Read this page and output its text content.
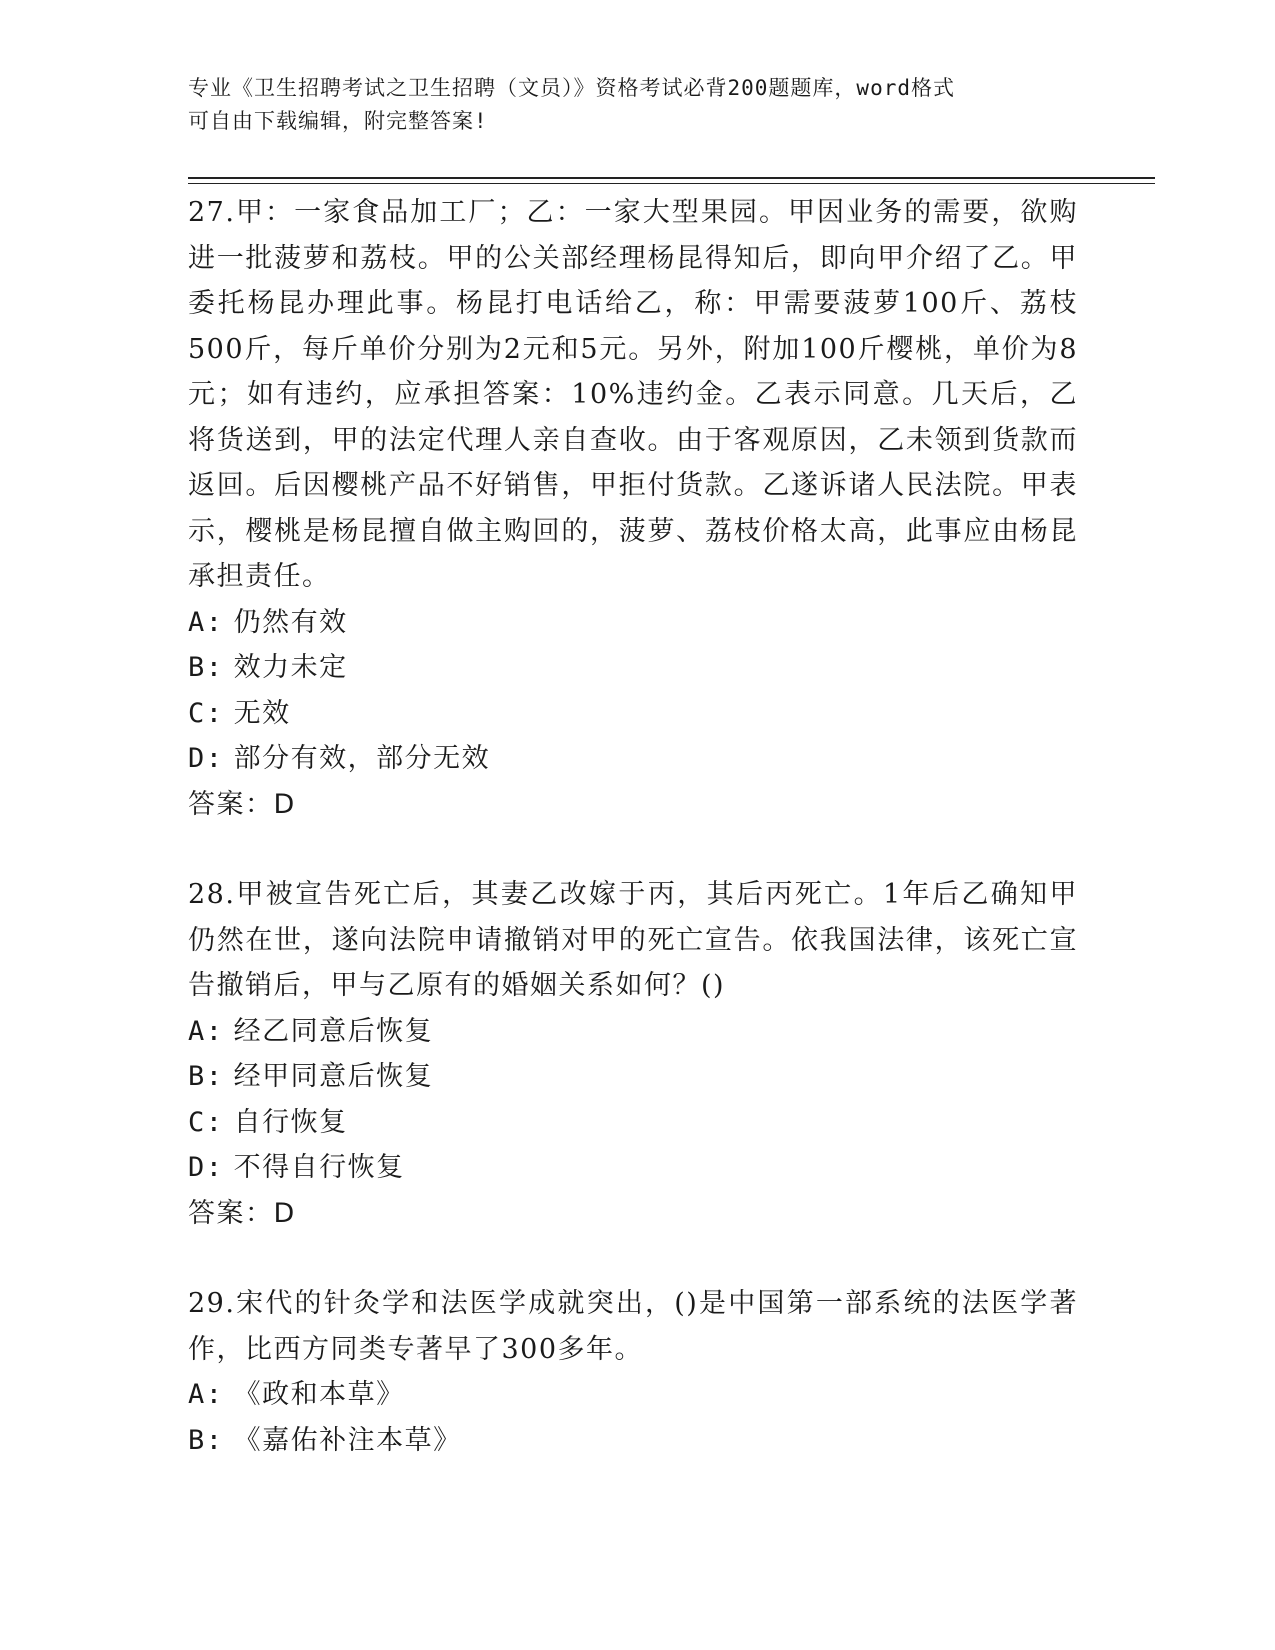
专业《卫生招聘考试之卫生招聘（文员）》资格考试必背200题题库，word格式
可自由下载编辑，附完整答案!

27.甲：一家食品加工厂；乙：一家大型果园。甲因业务的需要，欲购进一批菠萝和荔枝。甲的公关部经理杨昆得知后，即向甲介绍了乙。甲委托杨昆办理此事。杨昆打电话给乙，称：甲需要菠萝100斤、荔枝500斤，每斤单价分别为2元和5元。另外，附加100斤樱桃，单价为8元；如有违约，应承担答案：10%违约金。乙表示同意。几天后，乙将货送到，甲的法定代理人亲自查收。由于客观原因，乙未领到货款而返回。后因樱桃产品不好销售，甲拒付货款。乙遂诉诸人民法院。甲表示，樱桃是杨昆擅自做主购回的，菠萝、荔枝价格太高，此事应由杨昆承担责任。

A: 仍然有效

B: 效力未定

C: 无效

D: 部分有效，部分无效

答案：D

28.甲被宣告死亡后，其妻乙改嫁于丙，其后丙死亡。1年后乙确知甲仍然在世，遂向法院申请撤销对甲的死亡宣告。依我国法律，该死亡宣告撤销后，甲与乙原有的婚姻关系如何？()

A: 经乙同意后恢复

B: 经甲同意后恢复

C: 自行恢复

D: 不得自行恢复

答案：D

29.宋代的针灸学和法医学成就突出，()是中国第一部系统的法医学著作，比西方同类专著早了300多年。

A: 《政和本草》

B: 《嘉佑补注本草》
